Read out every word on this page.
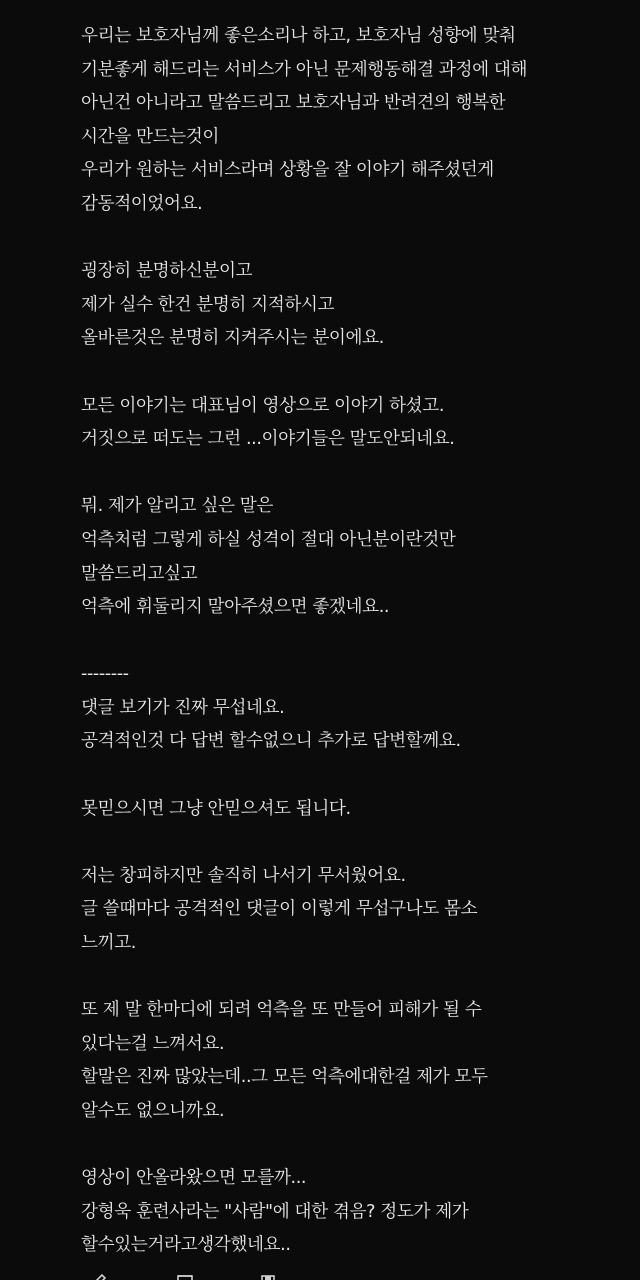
우리는 보호자님께 좋은소리나 하고, 보호자님 성향에 맞춰
기분좋게 해드리는 서비스가 아닌 문제행동해결 과정에 대해
아닌건 아니라고 말씀드리고 보호자님과 반려견의 행복한
시간을 만드는것이
우리가 원하는 서비스라며 상황을 잘 이야기 해주셨던게
감동적이었어요.
굉장히 분명하신분이고
제가 실수 한건 분명히 지적하시고
올바른것은 분명히 지켜주시는 분이에요.
모든 이야기는 대표님이 영상으로 이야기 하셨고.
거짓으로 떠도는 그런 ...이야기들은 말도안되네요.
뭐. 제가 알리고 싶은 말은
억측처럼 그렇게 하실 성격이 절대 아닌분이란것만
말씀드리고싶고
억측에 휘둘리지 말아주셨으면 좋겠네요..
--------
댓글 보기가 진짜 무섭네요.
공격적인것 다 답변 할수없으니 추가로 답변할께요.
못믿으시면 그냥 안믿으셔도 됩니다.
저는 창피하지만 솔직히 나서기 무서웠어요.
글 쓸때마다 공격적인 댓글이 이렇게 무섭구나도 몸소
느끼고.
또 제 말 한마디에 되려 억측을 또 만들어 피해가 될 수
있다는걸 느껴서요.
할말은 진짜 많았는데..그 모든 억측에대한걸 제가 모두
알수도 없으니까요.
영상이 안올라왔으면 모를까...
강형욱 훈련사라는 "사람"에 대한 겪음? 정도가 제가
할수있는거라고생각했네요..
